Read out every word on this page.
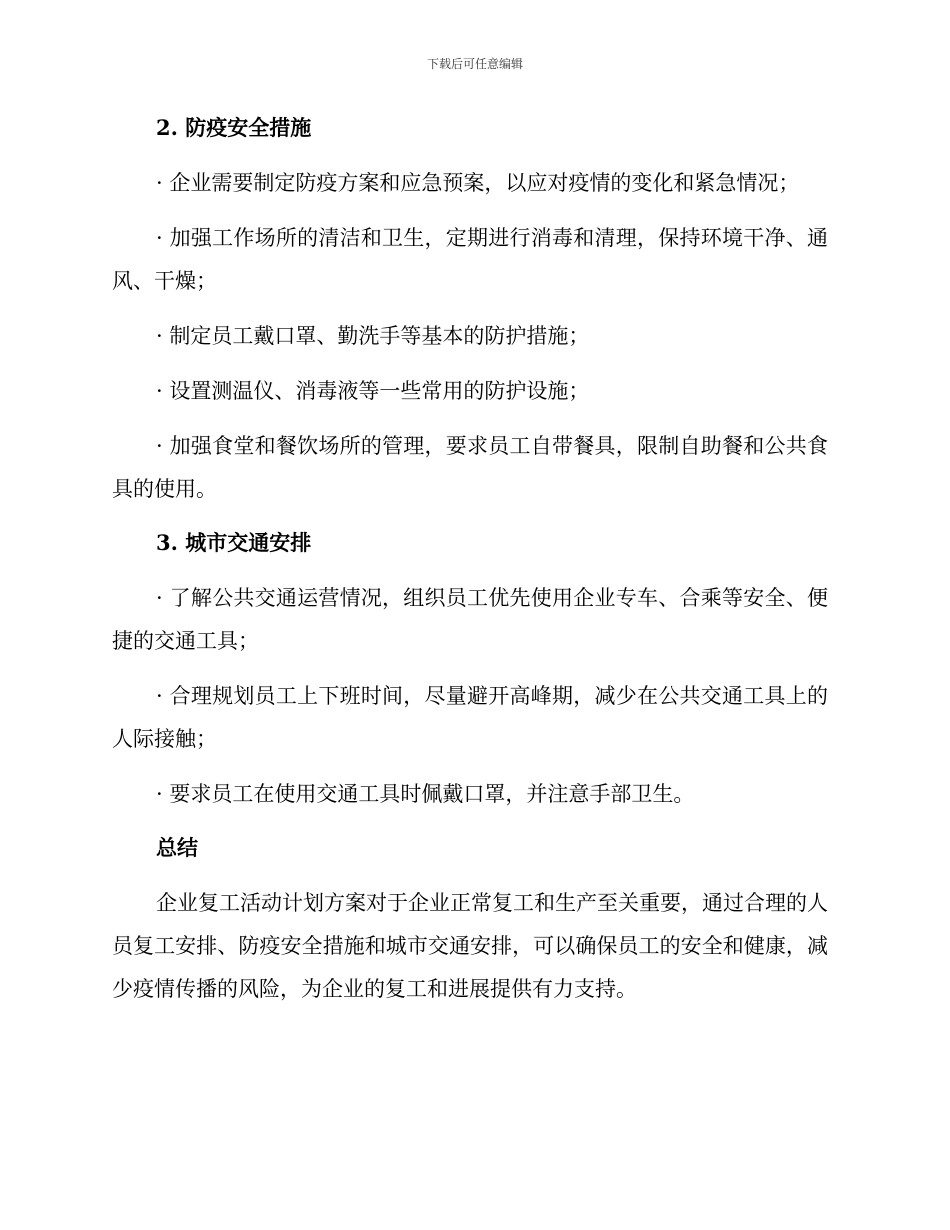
下载后可任意编辑
2. 防疫安全措施

· 企业需要制定防疫方案和应急预案，以应对疫情的变化和紧急情况；

· 加强工作场所的清洁和卫生，定期进行消毒和清理，保持环境干净、通风、干燥；

· 制定员工戴口罩、勤洗手等基本的防护措施；

· 设置测温仪、消毒液等一些常用的防护设施；

· 加强食堂和餐饮场所的管理，要求员工自带餐具，限制自助餐和公共食具的使用。

3. 城市交通安排

· 了解公共交通运营情况，组织员工优先使用企业专车、合乘等安全、便捷的交通工具；

· 合理规划员工上下班时间，尽量避开高峰期，减少在公共交通工具上的人际接触；

· 要求员工在使用交通工具时佩戴口罩，并注意手部卫生。

总结

企业复工活动计划方案对于企业正常复工和生产至关重要，通过合理的人员复工安排、防疫安全措施和城市交通安排，可以确保员工的安全和健康，减少疫情传播的风险，为企业的复工和进展提供有力支持。
